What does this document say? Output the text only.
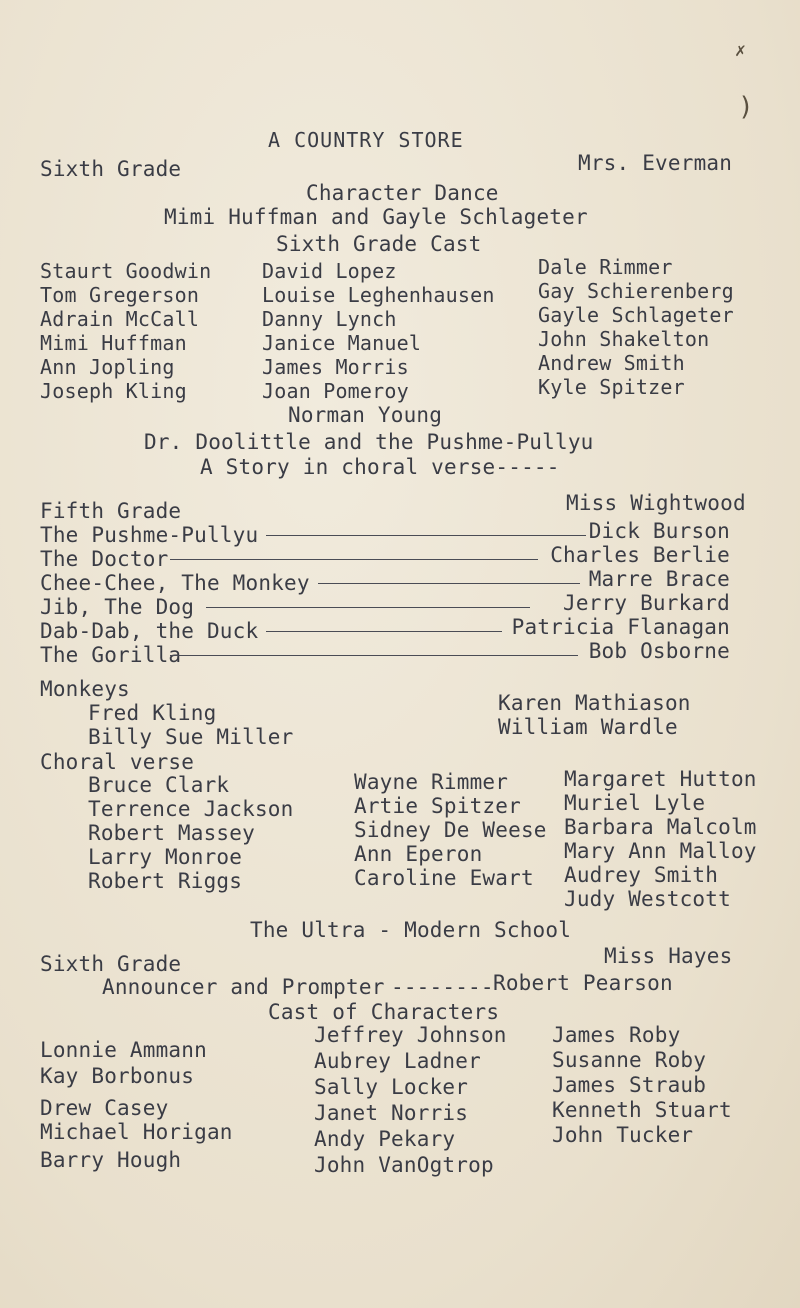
✗
)
A COUNTRY STORE
Sixth Grade	Mrs. Everman
Character Dance
Mimi Huffman and Gayle Schlageter
Sixth Grade Cast
Staurt Goodwin
Tom Gregerson
Adrain McCall
Mimi Huffman
Ann Jopling
Joseph Kling
David Lopez
Louise Leghenhausen
Danny Lynch
Janice Manuel
James Morris
Joan Pomeroy
Dale Rimmer
Gay Schierenberg
Gayle Schlageter
John Shakelton
Andrew Smith
Kyle Spitzer
Norman Young
Dr. Doolittle and the Pushme-Pullyu
A Story in choral verse-----
Fifth Grade	Miss Wightwood
The Pushme-Pullyu	Dick Burson
The Doctor	Charles Berlie
Chee-Chee, The Monkey	Marre Brace
Jib, The Dog	Jerry Burkard
Dab-Dab, the Duck	Patricia Flanagan
The Gorilla	Bob Osborne
Monkeys
Fred Kling
Billy Sue Miller
Karen Mathiason
William Wardle
Choral verse
Bruce Clark
Terrence Jackson
Robert Massey
Larry Monroe
Robert Riggs
Wayne Rimmer
Artie Spitzer
Sidney De Weese
Ann Eperon
Caroline Ewart
Margaret Hutton
Muriel Lyle
Barbara Malcolm
Mary Ann Malloy
Audrey Smith
Judy Westcott
The Ultra - Modern School
Sixth Grade	Miss Hayes
Announcer and Prompter -------- Robert Pearson
Cast of Characters
Lonnie Ammann
Kay Borbonus
Drew Casey
Michael Horigan
Barry Hough
Jeffrey Johnson
Aubrey Ladner
Sally Locker
Janet Norris
Andy Pekary
John VanOgtrop
James Roby
Susanne Roby
James Straub
Kenneth Stuart
John Tucker
